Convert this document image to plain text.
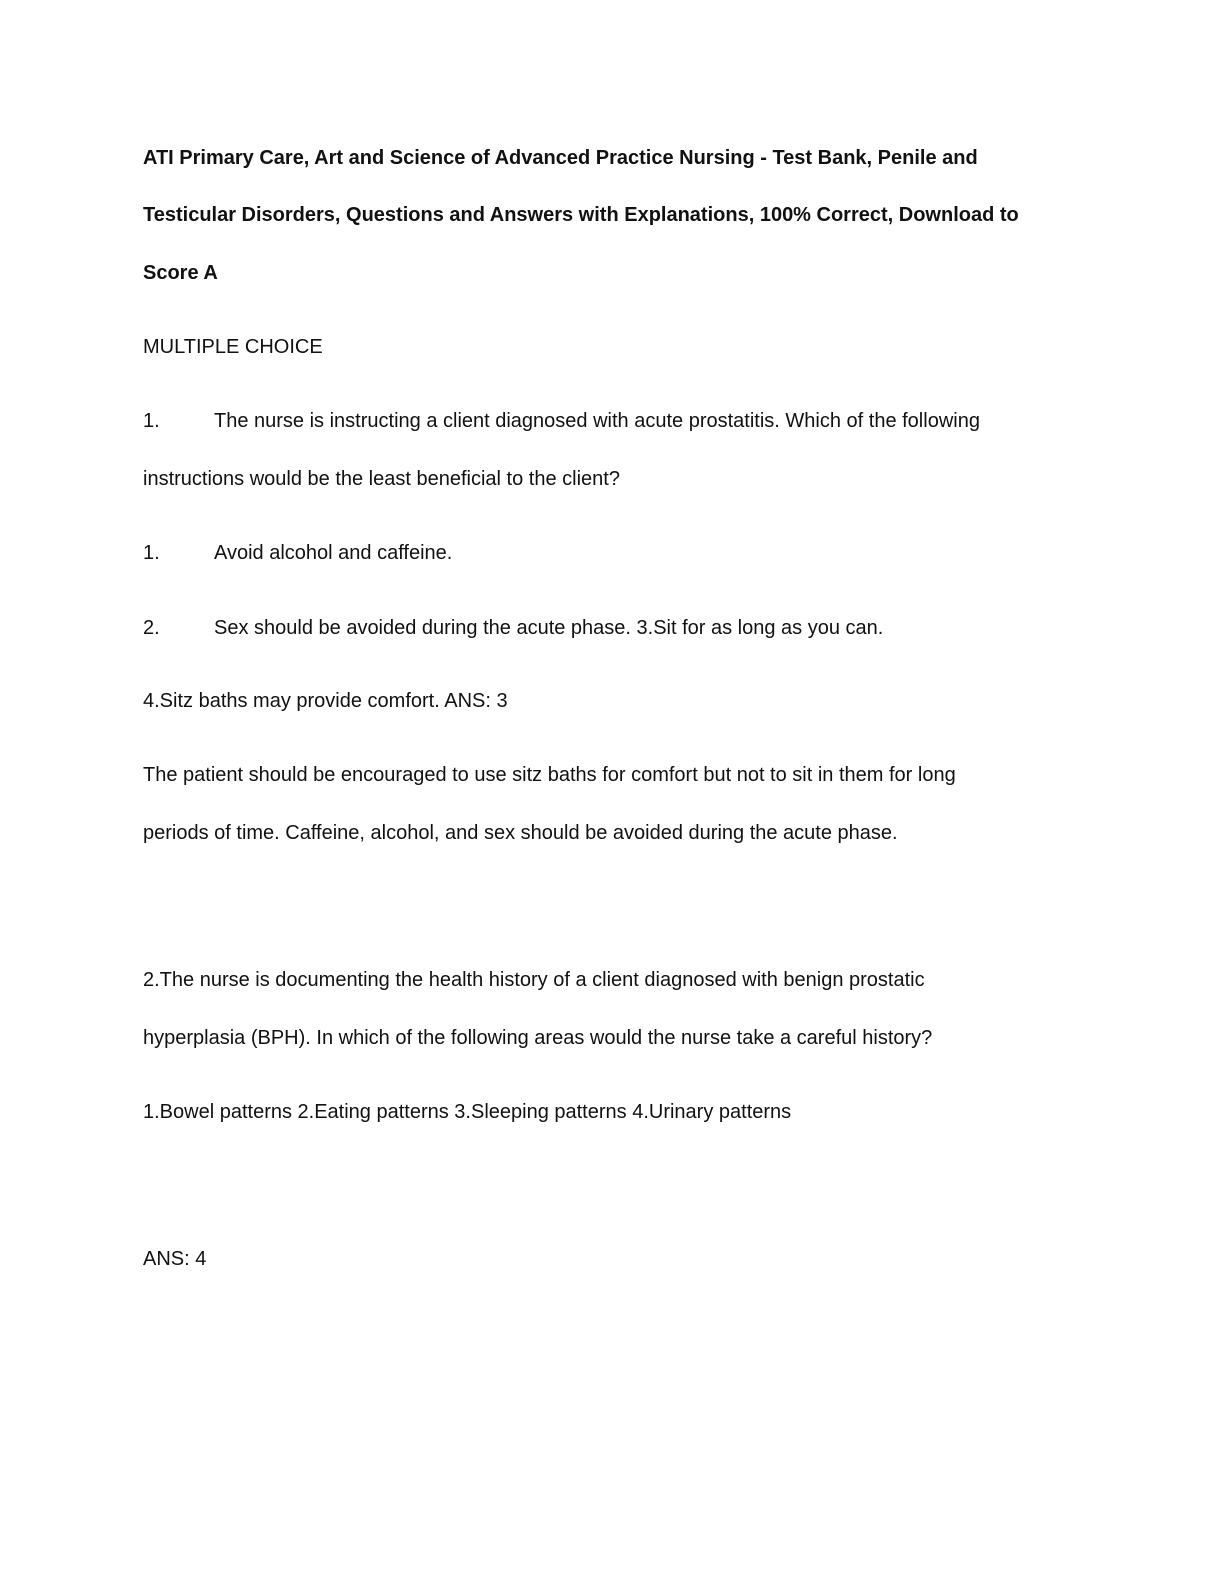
ATI Primary Care, Art and Science of Advanced Practice Nursing - Test Bank, Penile and
Testicular Disorders, Questions and Answers with Explanations, 100% Correct, Download to
Score A
MULTIPLE CHOICE
1.	The nurse is instructing a client diagnosed with acute prostatitis. Which of the following
instructions would be the least beneficial to the client?
1.	Avoid alcohol and caffeine.
2.	Sex should be avoided during the acute phase. 3.Sit for as long as you can.
4.Sitz baths may provide comfort. ANS: 3
The patient should be encouraged to use sitz baths for comfort but not to sit in them for long
periods of time. Caffeine, alcohol, and sex should be avoided during the acute phase.
2.The nurse is documenting the health history of a client diagnosed with benign prostatic
hyperplasia (BPH). In which of the following areas would the nurse take a careful history?
1.Bowel patterns 2.Eating patterns 3.Sleeping patterns 4.Urinary patterns
ANS: 4
